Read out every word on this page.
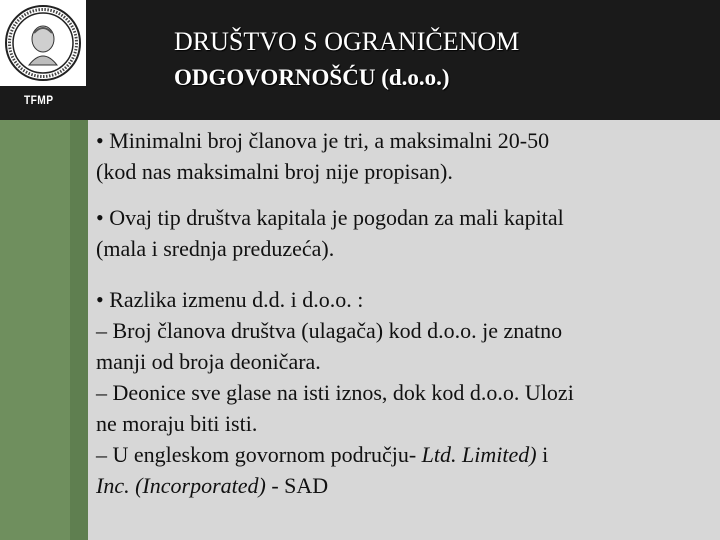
TFMP
DRUŠTVO S OGRANIČENOM
ODGOVORNOŠĆU (d.o.o.)
• Minimalni broj članova je tri, a maksimalni 20-50
(kod nas maksimalni broj nije propisan).
• Ovaj tip društva kapitala je pogodan za mali kapital
(mala i srednja preduzeća).
• Razlika izmenu d.d. i d.o.o. :
– Broj članova društva (ulagača) kod d.o.o. je znatno
manji od broja deoničara.
– Deonice sve glase na isti iznos, dok kod d.o.o. Ulozi
ne moraju biti isti.
– U engleskom govornom području- Ltd. Limited) i
Inc. (Incorporated) - SAD
